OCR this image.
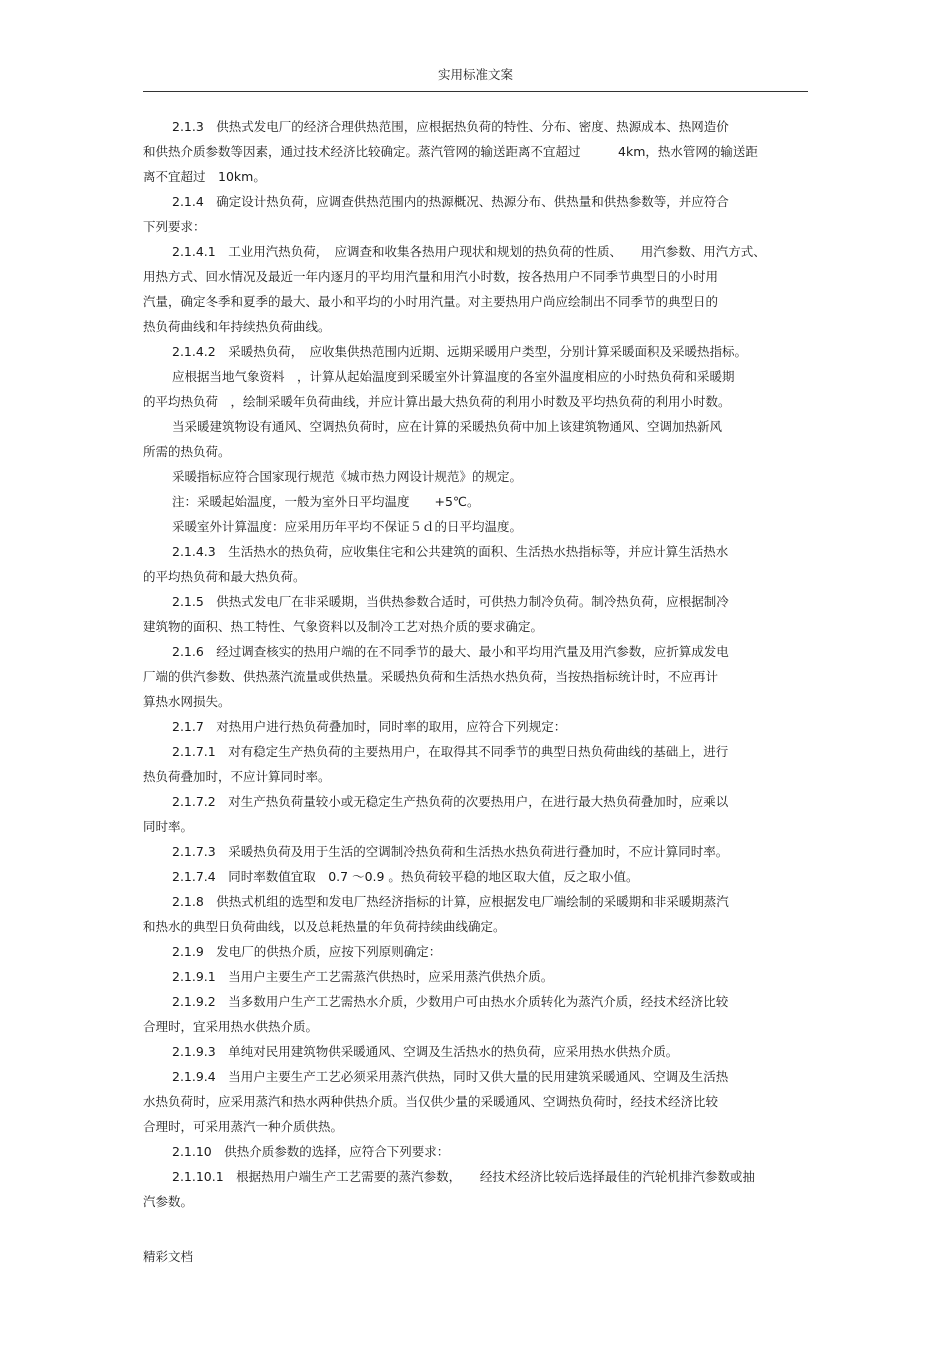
实用标准文案
2.1.3　供热式发电厂的经济合理供热范围，应根据热负荷的特性、分布、密度、热源成本、热网造价
和供热介质参数等因素，通过技术经济比较确定。蒸汽管网的输送距离不宜超过　　　4km，热水管网的输送距
离不宜超过　10km。
2.1.4　确定设计热负荷，应调查供热范围内的热源概况、热源分布、供热量和供热参数等，并应符合
下列要求：
2.1.4.1　工业用汽热负荷，　应调查和收集各热用户现状和规划的热负荷的性质、　　用汽参数、用汽方式、
用热方式、回水情况及最近一年内逐月的平均用汽量和用汽小时数，按各热用户不同季节典型日的小时用
汽量，确定冬季和夏季的最大、最小和平均的小时用汽量。对主要热用户尚应绘制出不同季节的典型日的
热负荷曲线和年持续热负荷曲线。
2.1.4.2　采暖热负荷，　应收集供热范围内近期、远期采暖用户类型，分别计算采暖面积及采暖热指标。
应根据当地气象资料　，计算从起始温度到采暖室外计算温度的各室外温度相应的小时热负荷和采暖期
的平均热负荷　，绘制采暖年负荷曲线，并应计算出最大热负荷的利用小时数及平均热负荷的利用小时数。
当采暖建筑物设有通风、空调热负荷时，应在计算的采暖热负荷中加上该建筑物通风、空调加热新风
所需的热负荷。
采暖指标应符合国家现行规范《城市热力网设计规范》的规定。
注：采暖起始温度，一般为室外日平均温度　　+5℃。
采暖室外计算温度：应采用历年平均不保证５ｄ的日平均温度。
2.1.4.3　生活热水的热负荷，应收集住宅和公共建筑的面积、生活热水热指标等，并应计算生活热水
的平均热负荷和最大热负荷。
2.1.5　供热式发电厂在非采暖期，当供热参数合适时，可供热力制冷负荷。制冷热负荷，应根据制冷
建筑物的面积、热工特性、气象资料以及制冷工艺对热介质的要求确定。
2.1.6　经过调查核实的热用户端的在不同季节的最大、最小和平均用汽量及用汽参数，应折算成发电
厂端的供汽参数、供热蒸汽流量或供热量。采暖热负荷和生活热水热负荷，当按热指标统计时，不应再计
算热水网损失。
2.1.7　对热用户进行热负荷叠加时，同时率的取用，应符合下列规定：
2.1.7.1　对有稳定生产热负荷的主要热用户，在取得其不同季节的典型日热负荷曲线的基础上，进行
热负荷叠加时，不应计算同时率。
2.1.7.2　对生产热负荷量较小或无稳定生产热负荷的次要热用户，在进行最大热负荷叠加时，应乘以
同时率。
2.1.7.3　采暖热负荷及用于生活的空调制冷热负荷和生活热水热负荷进行叠加时，不应计算同时率。
2.1.7.4　同时率数值宜取　0.7 ～0.9 。热负荷较平稳的地区取大值，反之取小值。
2.1.8　供热式机组的选型和发电厂热经济指标的计算，应根据发电厂端绘制的采暖期和非采暖期蒸汽
和热水的典型日负荷曲线，以及总耗热量的年负荷持续曲线确定。
2.1.9　发电厂的供热介质，应按下列原则确定：
2.1.9.1　当用户主要生产工艺需蒸汽供热时，应采用蒸汽供热介质。
2.1.9.2　当多数用户生产工艺需热水介质，少数用户可由热水介质转化为蒸汽介质，经技术经济比较
合理时，宜采用热水供热介质。
2.1.9.3　单纯对民用建筑物供采暖通风、空调及生活热水的热负荷，应采用热水供热介质。
2.1.9.4　当用户主要生产工艺必须采用蒸汽供热，同时又供大量的民用建筑采暖通风、空调及生活热
水热负荷时，应采用蒸汽和热水两种供热介质。当仅供少量的采暖通风、空调热负荷时，经技术经济比较
合理时，可采用蒸汽一种介质供热。
2.1.10　供热介质参数的选择，应符合下列要求：
2.1.10.1　根据热用户端生产工艺需要的蒸汽参数，　　经技术经济比较后选择最佳的汽轮机排汽参数或抽
汽参数。
精彩文档
